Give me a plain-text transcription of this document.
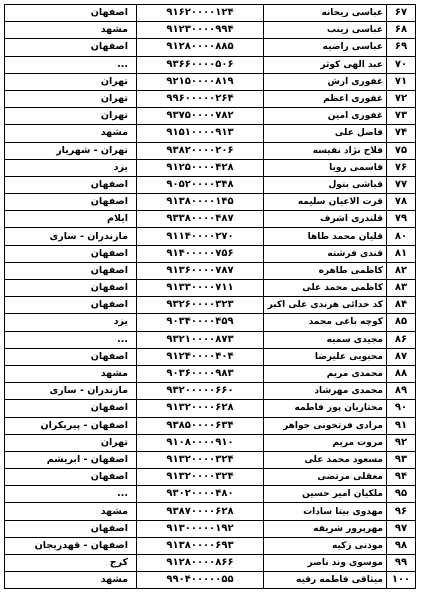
۶۷	عباسی ریحانه	۹۱۶۲۰۰۰۰۱۲۴	اصفهان
۶۸	عباسی زینب	۹۱۲۳۰۰۰۰۹۹۴	مشهد
۶۹	عباسی راضیه	۹۱۲۸۰۰۰۰۸۸۵	اصفهان
۷۰	عبد الهی کوثر	۹۳۶۶۰۰۰۰۵۰۶	...
۷۱	غفوری ارش	۹۲۱۵۰۰۰۰۸۱۹	تهران
۷۲	غفوری اعظم	۹۹۶۰۰۰۰۰۲۶۴	تهران
۷۳	غفوری امین	۹۳۷۵۰۰۰۰۷۸۲	تهران
۷۴	فاضل علی	۹۱۵۱۰۰۰۰۹۱۳	مشهد
۷۵	فلاح نژاد نفیسه	۹۳۸۲۰۰۰۰۲۰۶	تهران - شهریار
۷۶	قاسمی رویا	۹۱۲۵۰۰۰۰۴۲۸	یزد
۷۷	قباشی بتول	۹۰۵۲۰۰۰۰۳۴۸	اصفهان
۷۸	قرت الاعیان سلیمه	۹۱۳۸۰۰۰۰۱۴۵	اصفهان
۷۹	قلندری اشرف	۹۳۳۸۰۰۰۰۴۸۷	ایلام
۸۰	قلیان محمد طاها	۹۱۱۴۰۰۰۰۲۷۰	مازندران - ساری
۸۱	قندی فرشته	۹۱۴۰۰۰۰۰۷۵۶	اصفهان
۸۲	کاظمی طاهره	۹۱۳۶۰۰۰۰۷۸۷	اصفهان
۸۳	کاظمی محمد علی	۹۱۳۳۰۰۰۰۷۱۱	اصفهان
۸۴	کد خدائی هرندی علی اکبر	۹۳۲۶۰۰۰۰۳۲۳	اصفهان
۸۵	کوچه باغی محمد	۹۰۳۴۰۰۰۰۴۵۹	یزد
۸۶	مجیدی سمیه	۹۳۲۱۰۰۰۰۸۷۳	...
۸۷	محبوبی علیرضا	۹۱۲۴۰۰۰۰۴۰۴	اصفهان
۸۸	محمدی مریم	۹۰۳۶۰۰۰۰۹۸۳	مشهد
۸۹	محمدی مهرشاد	۹۳۲۰۰۰۰۰۶۶۰	مازندران - ساری
۹۰	مختاریان پور فاطمه	۹۱۳۲۰۰۰۰۶۲۸	اصفهان
۹۱	مرادی فرتخونی جواهر	۹۳۸۵۰۰۰۰۶۳۴	اصفهان - پیربکران
۹۲	مروت مریم	۹۱۰۸۰۰۰۰۹۱۰	تهران
۹۳	مسعود محمد علی	۹۱۳۲۰۰۰۰۳۲۴	اصفهان - ابریشم
۹۴	معقلی مرتضی	۹۱۳۲۰۰۰۰۳۲۴	اصفهان
۹۵	ملکیان امیر حسین	۹۳۰۲۰۰۰۰۴۸۰	...
۹۶	مهدوی بیتا سادات	۹۳۸۷۰۰۰۰۶۲۸	مشهد
۹۷	مهرپرور شریفه	۹۱۳۰۰۰۰۰۱۹۲	اصفهان
۹۸	موذنی زکیه	۹۱۳۸۰۰۰۰۶۹۳	اصفهان - قهدریجان
۹۹	موسوی وند ناصر	۹۱۲۸۰۰۰۰۸۶۶	کرج
۱۰۰	میثاقی فاطمه رقیه	۹۹۰۴۰۰۰۰۰۵۵	مشهد
